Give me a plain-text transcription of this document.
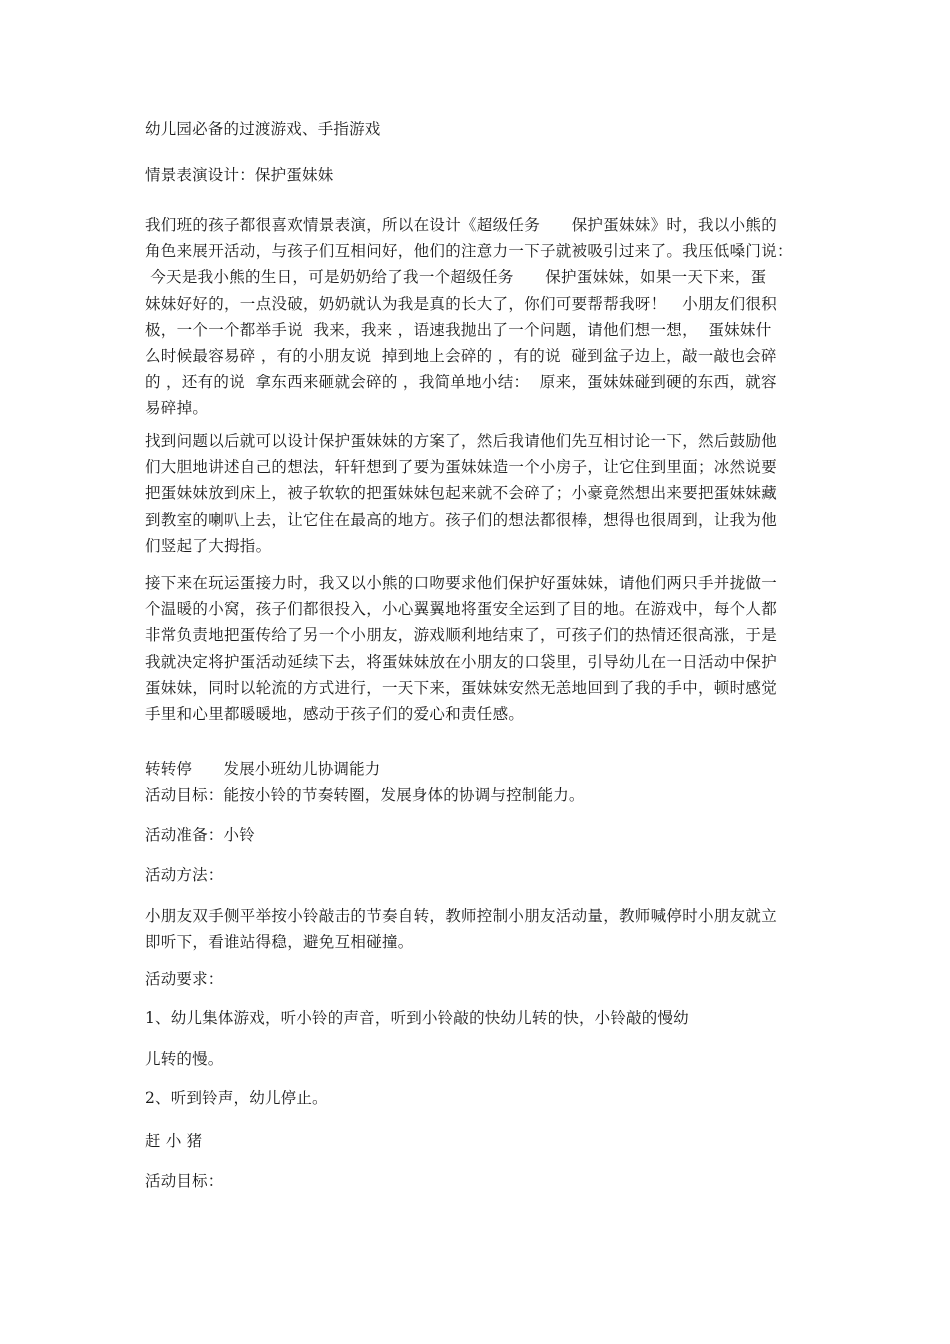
幼儿园必备的过渡游戏、手指游戏
情景表演设计：保护蛋妹妹
我们班的孩子都很喜欢情景表演，所以在设计《超级任务　　保护蛋妹妹》时，我以小熊的
角色来展开活动，与孩子们互相问好，他们的注意力一下子就被吸引过来了。我压低嗓门说：
今天是我小熊的生日，可是奶奶给了我一个超级任务　　保护蛋妹妹，如果一天下来，蛋
妹妹好好的，一点没破，奶奶就认为我是真的长大了，你们可要帮帮我呀！　小朋友们很积
极，一个一个都举手说  我来，我来 ，语速我抛出了一个问题，请他们想一想，  蛋妹妹什
么时候最容易碎 ，有的小朋友说  掉到地上会碎的 ，有的说  碰到盆子边上，敲一敲也会碎
的 ，还有的说  拿东西来砸就会碎的 ，我简单地小结：  原来，蛋妹妹碰到硬的东西，就容
易碎掉。
找到问题以后就可以设计保护蛋妹妹的方案了，然后我请他们先互相讨论一下，然后鼓励他
们大胆地讲述自己的想法，轩轩想到了要为蛋妹妹造一个小房子，让它住到里面；冰然说要
把蛋妹妹放到床上，被子软软的把蛋妹妹包起来就不会碎了；小豪竟然想出来要把蛋妹妹藏
到教室的喇叭上去，让它住在最高的地方。孩子们的想法都很棒，想得也很周到，让我为他
们竖起了大拇指。
接下来在玩运蛋接力时，我又以小熊的口吻要求他们保护好蛋妹妹，请他们两只手并拢做一
个温暖的小窝，孩子们都很投入，小心翼翼地将蛋安全运到了目的地。在游戏中，每个人都
非常负责地把蛋传给了另一个小朋友，游戏顺利地结束了，可孩子们的热情还很高涨，于是
我就决定将护蛋活动延续下去，将蛋妹妹放在小朋友的口袋里，引导幼儿在一日活动中保护
蛋妹妹，同时以轮流的方式进行，一天下来，蛋妹妹安然无恙地回到了我的手中，顿时感觉
手里和心里都暖暖地，感动于孩子们的爱心和责任感。
转转停　　发展小班幼儿协调能力
活动目标：能按小铃的节奏转圈，发展身体的协调与控制能力。
活动准备：小铃
活动方法：
小朋友双手侧平举按小铃敲击的节奏自转，教师控制小朋友活动量，教师喊停时小朋友就立
即听下，看谁站得稳，避免互相碰撞。
活动要求：
1、幼儿集体游戏，听小铃的声音，听到小铃敲的快幼儿转的快，小铃敲的慢幼
儿转的慢。
2、听到铃声，幼儿停止。
赶 小 猪
活动目标：
